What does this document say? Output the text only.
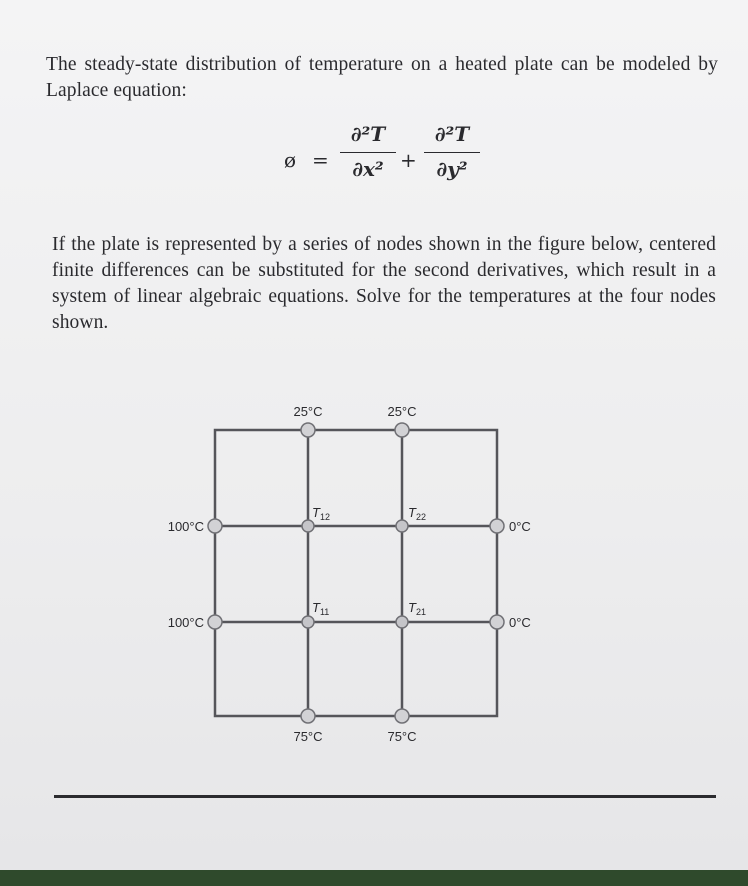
The steady-state distribution of temperature on a heated plate can be modeled by Laplace equation:
ø =
∂²T
∂x² +
∂²T
∂y²
If the plate is represented by a series of nodes shown in the figure below, centered finite differences can be substituted for the second derivatives, which result in a system of linear algebraic equations. Solve for the temperatures at the four nodes shown.
25°C	25°C
75°C	75°C
100°C
100°C
0°C
0°C
$T_{12}$	$T_{22}$
$T_{11}$	$T_{21}$
